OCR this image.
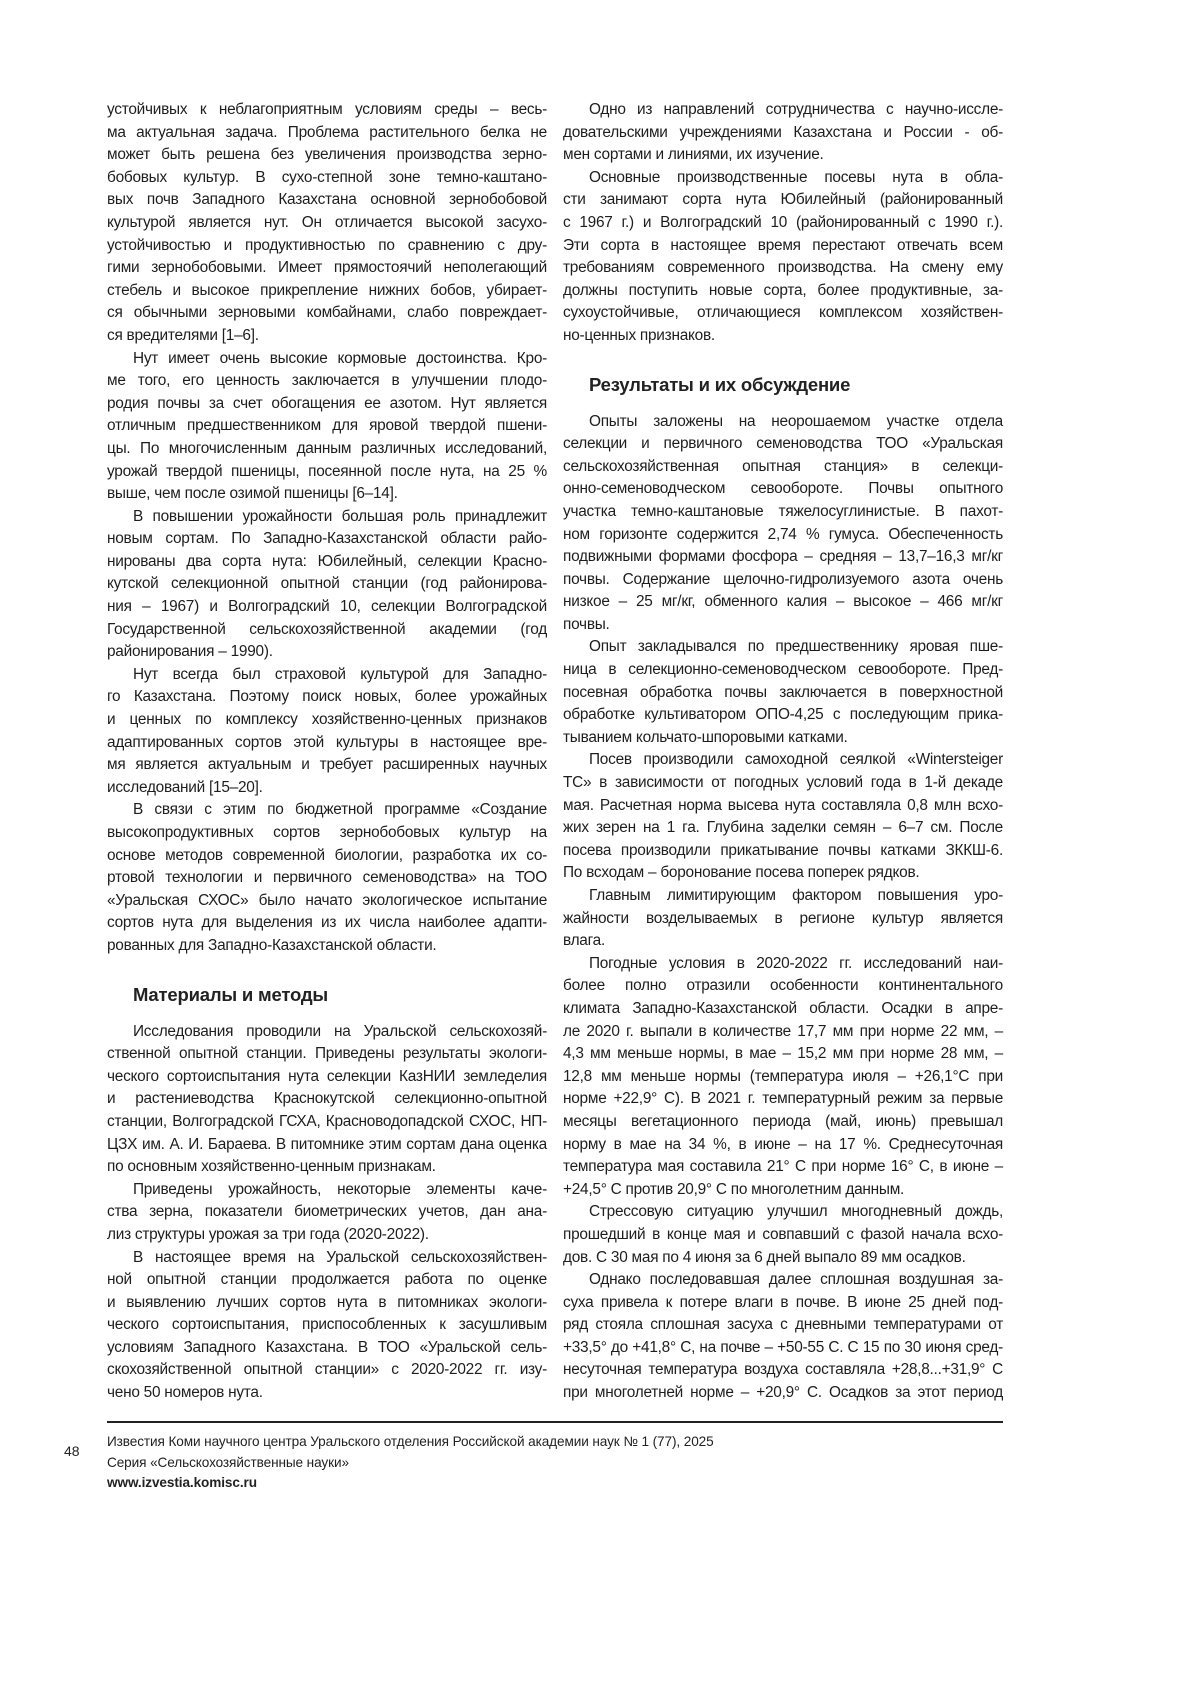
устойчивых к неблагоприятным условиям среды – весь-
ма актуальная задача. Проблема растительного белка не
может быть решена без увеличения производства зерно-
бобовых культур. В сухо-степной зоне темно-каштано-
вых почв Западного Казахстана основной зернобобовой
культурой является нут. Он отличается высокой засухо-
устойчивостью и продуктивностью по сравнению с дру-
гими зернобобовыми. Имеет прямостоячий неполегающий
стебель и высокое прикрепление нижних бобов, убирает-
ся обычными зерновыми комбайнами, слабо повреждает-
ся вредителями [1–6].
Нут имеет очень высокие кормовые достоинства. Кро-
ме того, его ценность заключается в улучшении плодо-
родия почвы за счет обогащения ее азотом. Нут является
отличным предшественником для яровой твердой пшени-
цы. По многочисленным данным различных исследований,
урожай твердой пшеницы, посеянной после нута, на 25 %
выше, чем после озимой пшеницы [6–14].
В повышении урожайности большая роль принадлежит
новым сортам. По Западно-Казахстанской области райо-
нированы два сорта нута: Юбилейный, селекции Красно-
кутской селекционной опытной станции (год районирова-
ния – 1967) и Волгоградский 10, селекции Волгоградской
Государственной сельскохозяйственной академии (год
районирования – 1990).
Нут всегда был страховой культурой для Западно-
го Казахстана. Поэтому поиск новых, более урожайных
и ценных по комплексу хозяйственно-ценных признаков
адаптированных сортов этой культуры в настоящее вре-
мя является актуальным и требует расширенных научных
исследований [15–20].
В связи с этим по бюджетной программе «Создание
высокопродуктивных сортов зернобобовых культур на
основе методов современной биологии, разработка их со-
ртовой технологии и первичного семеноводства» на ТОО
«Уральская СХОС» было начато экологическое испытание
сортов нута для выделения из их числа наиболее адапти-
рованных для Западно-Казахстанской области.
Материалы и методы
Исследования проводили на Уральской сельскохозяй-
ственной опытной станции. Приведены результаты экологи-
ческого сортоиспытания нута селекции КазНИИ земледелия
и растениеводства Краснокутской селекционно-опытной
станции, Волгоградской ГСХА, Красноводопадской СХОС, НП-
ЦЗХ им. А. И. Бараева. В питомнике этим сортам дана оценка
по основным хозяйственно-ценным признакам.
Приведены урожайность, некоторые элементы каче-
ства зерна, показатели биометрических учетов, дан ана-
лиз структуры урожая за три года (2020-2022).
В настоящее время на Уральской сельскохозяйствен-
ной опытной станции продолжается работа по оценке
и выявлению лучших сортов нута в питомниках экологи-
ческого сортоиспытания, приспособленных к засушливым
условиям Западного Казахстана. В ТОО «Уральской сель-
скохозяйственной опытной станции» с 2020-2022 гг. изу-
чено 50 номеров нута.
Одно из направлений сотрудничества с научно-иссле-
довательскими учреждениями Казахстана и России - об-
мен сортами и линиями, их изучение.
Основные производственные посевы нута в обла-
сти занимают сорта нута Юбилейный (районированный
с 1967 г.) и Волгоградский 10 (районированный с 1990 г.).
Эти сорта в настоящее время перестают отвечать всем
требованиям современного производства. На смену ему
должны поступить новые сорта, более продуктивные, за-
сухоустойчивые, отличающиеся комплексом хозяйствен-
но-ценных признаков.
Результаты и их обсуждение
Опыты заложены на неорошаемом участке отдела
селекции и первичного семеноводства ТОО «Уральская
сельскохозяйственная опытная станция» в селекци-
онно-семеноводческом севообороте. Почвы опытного
участка темно-каштановые тяжелосуглинистые. В пахот-
ном горизонте содержится 2,74 % гумуса. Обеспеченность
подвижными формами фосфора – средняя – 13,7–16,3 мг/кг
почвы. Содержание щелочно-гидролизуемого азота очень
низкое – 25 мг/кг, обменного калия – высокое – 466 мг/кг
почвы.
Опыт закладывался по предшественнику яровая пше-
ница в селекционно-семеноводческом севообороте. Пред-
посевная обработка почвы заключается в поверхностной
обработке культиватором ОПО-4,25 с последующим прика-
тыванием кольчато-шпоровыми катками.
Посев производили самоходной сеялкой «Wintersteiger
TC» в зависимости от погодных условий года в 1-й декаде
мая. Расчетная норма высева нута составляла 0,8 млн всхо-
жих зерен на 1 га. Глубина заделки семян – 6–7 см. После
посева производили прикатывание почвы катками ЗККШ-6.
По всходам – боронование посева поперек рядков.
Главным лимитирующим фактором повышения уро-
жайности возделываемых в регионе культур является
влага.
Погодные условия в 2020-2022 гг. исследований наи-
более полно отразили особенности континентального
климата Западно-Казахстанской области. Осадки в апре-
ле 2020 г. выпали в количестве 17,7 мм при норме 22 мм, –
4,3 мм меньше нормы, в мае – 15,2 мм при норме 28 мм, –
12,8 мм меньше нормы (температура июля – +26,1°С при
норме +22,9° С). В 2021 г. температурный режим за первые
месяцы вегетационного периода (май, июнь) превышал
норму в мае на 34 %, в июне – на 17 %. Среднесуточная
температура мая составила 21° С при норме 16° С, в июне –
+24,5° С против 20,9° С по многолетним данным.
Стрессовую ситуацию улучшил многодневный дождь,
прошедший в конце мая и совпавший с фазой начала всхо-
дов. С 30 мая по 4 июня за 6 дней выпало 89 мм осадков.
Однако последовавшая далее сплошная воздушная за-
суха привела к потере влаги в почве. В июне 25 дней под-
ряд стояла сплошная засуха с дневными температурами от
+33,5° до +41,8° С, на почве – +50-55 С. С 15 по 30 июня сред-
несуточная температура воздуха составляла +28,8...+31,9° С
при многолетней норме – +20,9° С. Осадков за этот период
48
Известия Коми научного центра Уральского отделения Российской академии наук № 1 (77), 2025
Серия «Сельскохозяйственные науки»
www.izvestia.komisc.ru
